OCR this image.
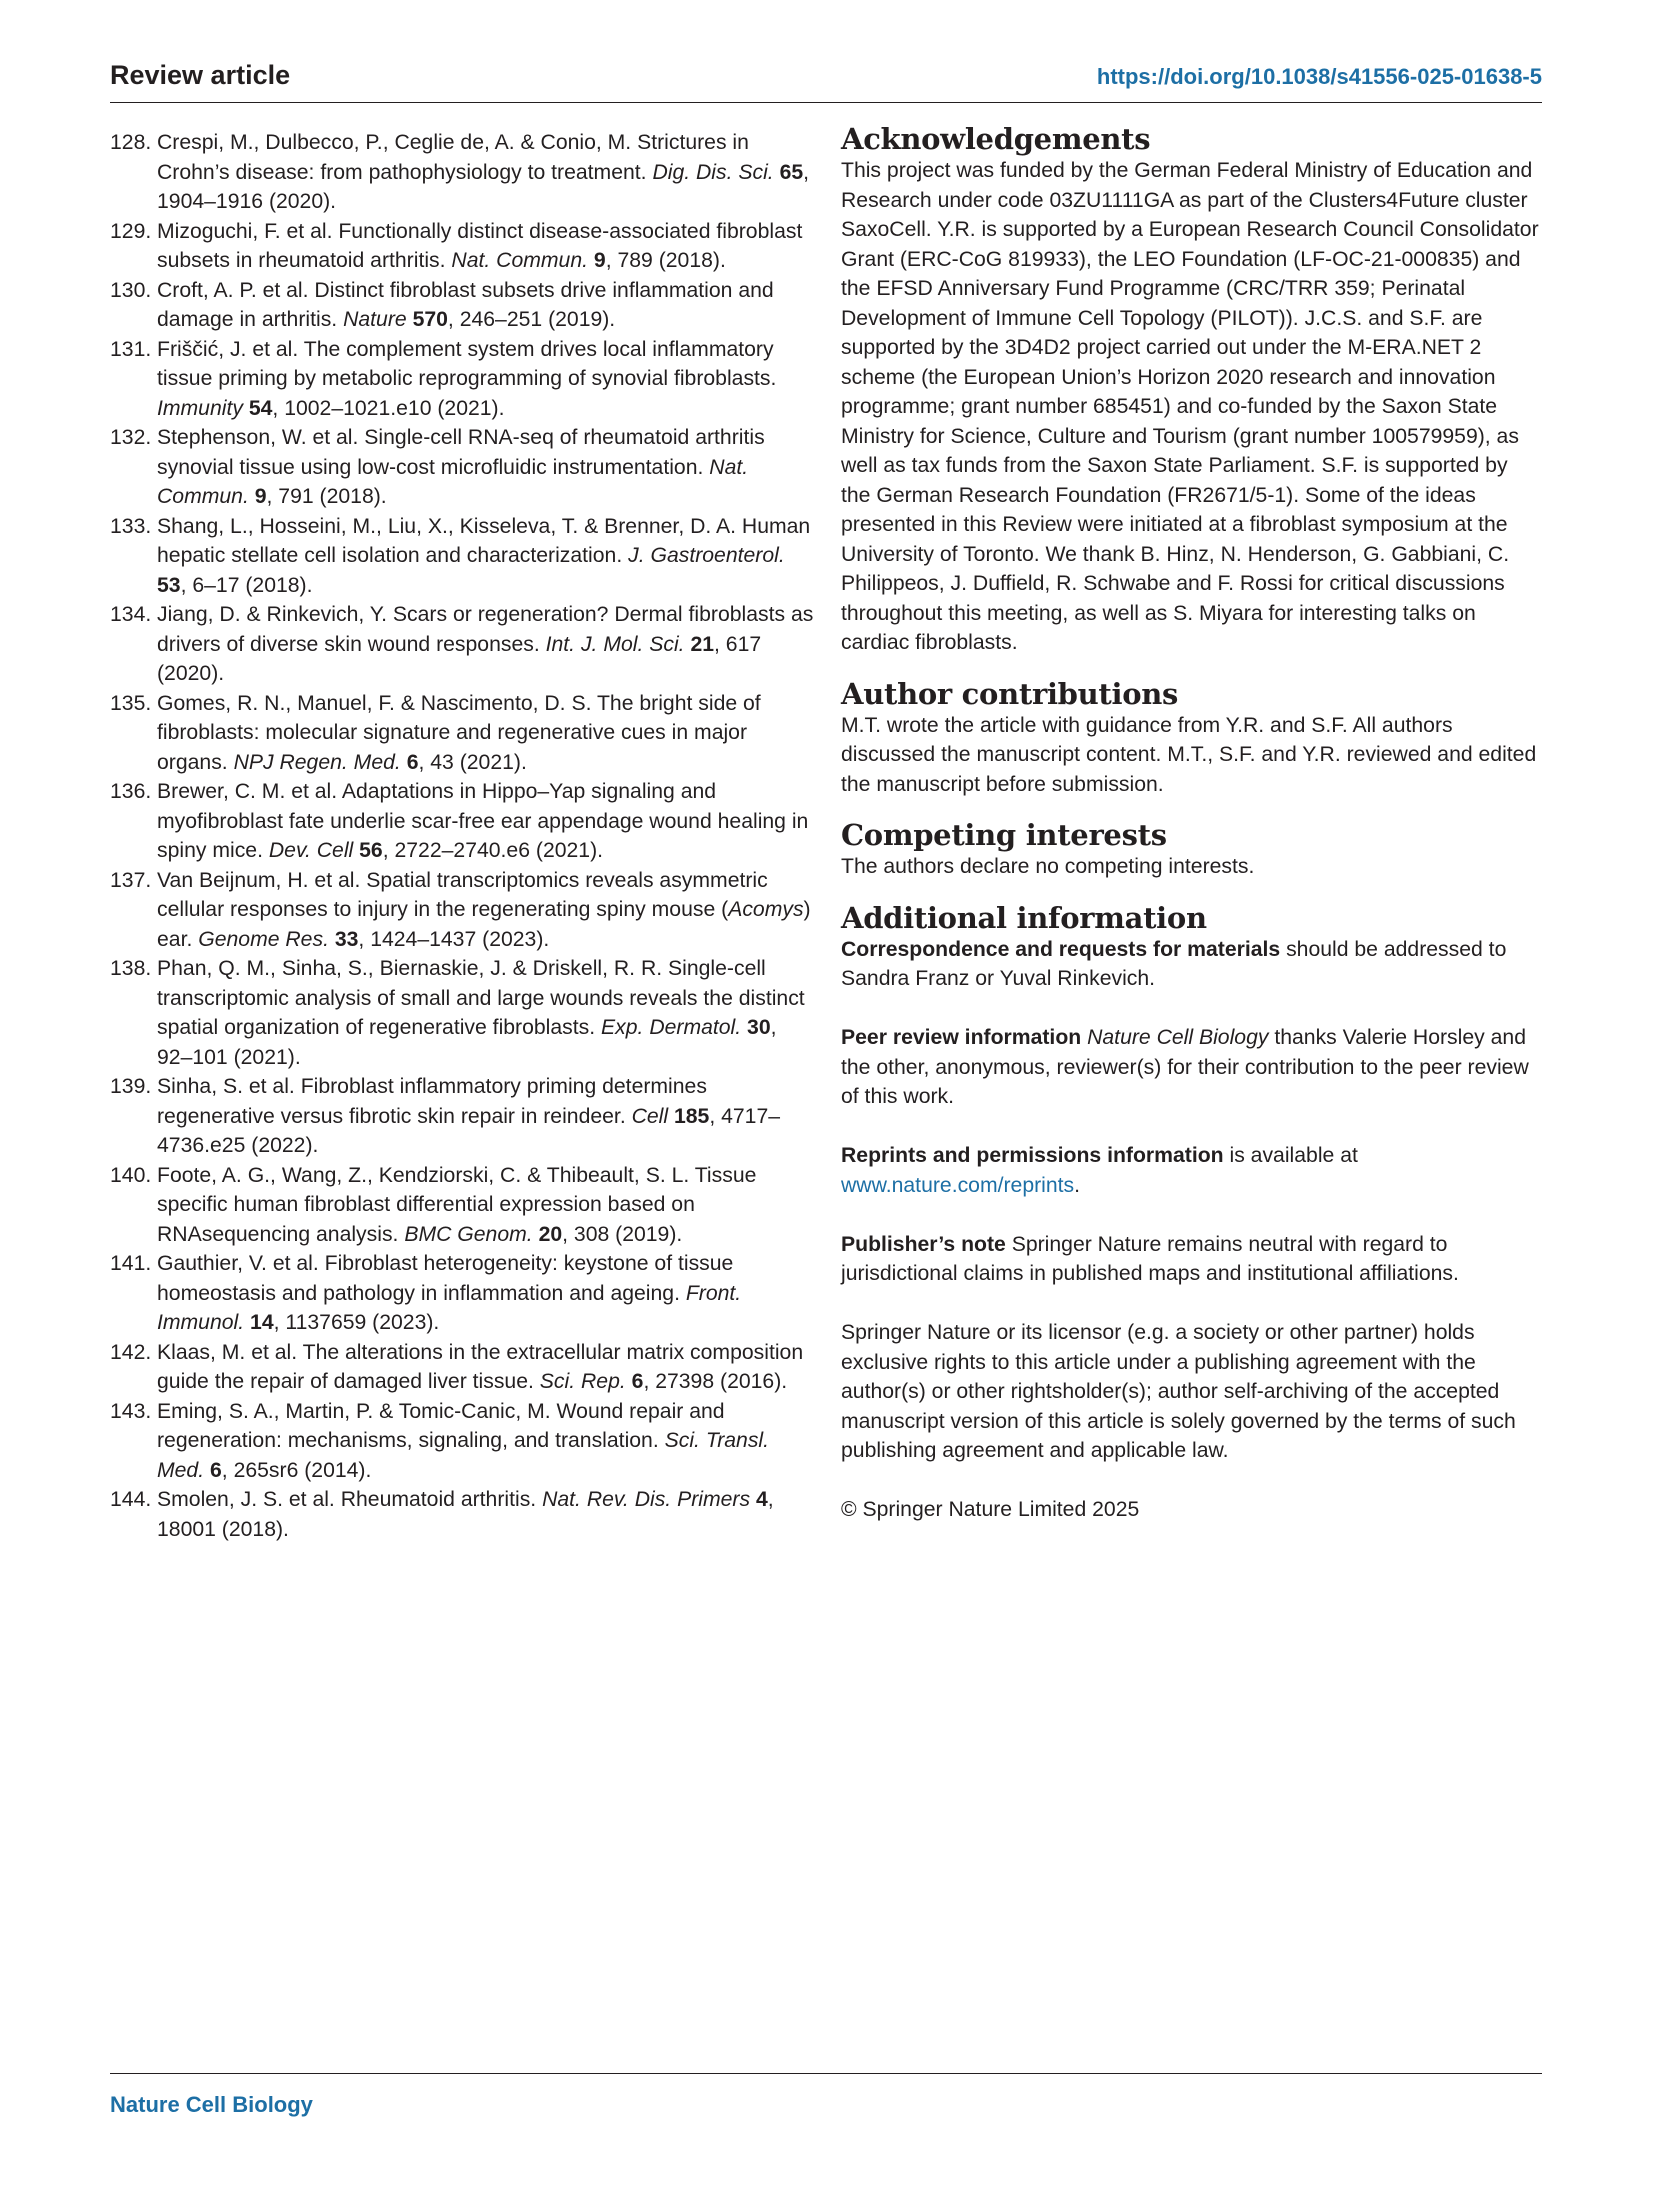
Review article	https://doi.org/10.1038/s41556-025-01638-5
128. Crespi, M., Dulbecco, P., Ceglie de, A. & Conio, M. Strictures in Crohn’s disease: from pathophysiology to treatment. Dig. Dis. Sci. 65, 1904–1916 (2020).
129. Mizoguchi, F. et al. Functionally distinct disease-associated fibroblast subsets in rheumatoid arthritis. Nat. Commun. 9, 789 (2018).
130. Croft, A. P. et al. Distinct fibroblast subsets drive inflammation and damage in arthritis. Nature 570, 246–251 (2019).
131. Friščić, J. et al. The complement system drives local inflammatory tissue priming by metabolic reprogramming of synovial fibroblasts. Immunity 54, 1002–1021.e10 (2021).
132. Stephenson, W. et al. Single-cell RNA-seq of rheumatoid arthritis synovial tissue using low-cost microfluidic instrumentation. Nat. Commun. 9, 791 (2018).
133. Shang, L., Hosseini, M., Liu, X., Kisseleva, T. & Brenner, D. A. Human hepatic stellate cell isolation and characterization. J. Gastroenterol. 53, 6–17 (2018).
134. Jiang, D. & Rinkevich, Y. Scars or regeneration? Dermal fibroblasts as drivers of diverse skin wound responses. Int. J. Mol. Sci. 21, 617 (2020).
135. Gomes, R. N., Manuel, F. & Nascimento, D. S. The bright side of fibroblasts: molecular signature and regenerative cues in major organs. NPJ Regen. Med. 6, 43 (2021).
136. Brewer, C. M. et al. Adaptations in Hippo–Yap signaling and myofibroblast fate underlie scar-free ear appendage wound healing in spiny mice. Dev. Cell 56, 2722–2740.e6 (2021).
137. Van Beijnum, H. et al. Spatial transcriptomics reveals asymmetric cellular responses to injury in the regenerating spiny mouse (Acomys) ear. Genome Res. 33, 1424–1437 (2023).
138. Phan, Q. M., Sinha, S., Biernaskie, J. & Driskell, R. R. Single-cell transcriptomic analysis of small and large wounds reveals the distinct spatial organization of regenerative fibroblasts. Exp. Dermatol. 30, 92–101 (2021).
139. Sinha, S. et al. Fibroblast inflammatory priming determines regenerative versus fibrotic skin repair in reindeer. Cell 185, 4717–4736.e25 (2022).
140. Foote, A. G., Wang, Z., Kendziorski, C. & Thibeault, S. L. Tissue specific human fibroblast differential expression based on RNAsequencing analysis. BMC Genom. 20, 308 (2019).
141. Gauthier, V. et al. Fibroblast heterogeneity: keystone of tissue homeostasis and pathology in inflammation and ageing. Front. Immunol. 14, 1137659 (2023).
142. Klaas, M. et al. The alterations in the extracellular matrix composition guide the repair of damaged liver tissue. Sci. Rep. 6, 27398 (2016).
143. Eming, S. A., Martin, P. & Tomic-Canic, M. Wound repair and regeneration: mechanisms, signaling, and translation. Sci. Transl. Med. 6, 265sr6 (2014).
144. Smolen, J. S. et al. Rheumatoid arthritis. Nat. Rev. Dis. Primers 4, 18001 (2018).
Acknowledgements

This project was funded by the German Federal Ministry of Education and Research under code 03ZU1111GA as part of the Clusters4Future cluster SaxoCell. Y.R. is supported by a European Research Council Consolidator Grant (ERC-CoG 819933), the LEO Foundation (LF-OC-21-000835) and the EFSD Anniversary Fund Programme (CRC/TRR 359; Perinatal Development of Immune Cell Topology (PILOT)). J.C.S. and S.F. are supported by the 3D4D2 project carried out under the M-ERA.NET 2 scheme (the European Union’s Horizon 2020 research and innovation programme; grant number 685451) and co-funded by the Saxon State Ministry for Science, Culture and Tourism (grant number 100579959), as well as tax funds from the Saxon State Parliament. S.F. is supported by the German Research Foundation (FR2671/5-1). Some of the ideas presented in this Review were initiated at a fibroblast symposium at the University of Toronto. We thank B. Hinz, N. Henderson, G. Gabbiani, C. Philippeos, J. Duffield, R. Schwabe and F. Rossi for critical discussions throughout this meeting, as well as S. Miyara for interesting talks on cardiac fibroblasts.

Author contributions

M.T. wrote the article with guidance from Y.R. and S.F. All authors discussed the manuscript content. M.T., S.F. and Y.R. reviewed and edited the manuscript before submission.

Competing interests

The authors declare no competing interests.

Additional information

Correspondence and requests for materials should be addressed to Sandra Franz or Yuval Rinkevich.

Peer review information Nature Cell Biology thanks Valerie Horsley and the other, anonymous, reviewer(s) for their contribution to the peer review of this work.

Reprints and permissions information is available at www.nature.com/reprints.

Publisher’s note Springer Nature remains neutral with regard to jurisdictional claims in published maps and institutional affiliations.

Springer Nature or its licensor (e.g. a society or other partner) holds exclusive rights to this article under a publishing agreement with the author(s) or other rightsholder(s); author self-archiving of the accepted manuscript version of this article is solely governed by the terms of such publishing agreement and applicable law.

© Springer Nature Limited 2025

Nature Cell Biology
